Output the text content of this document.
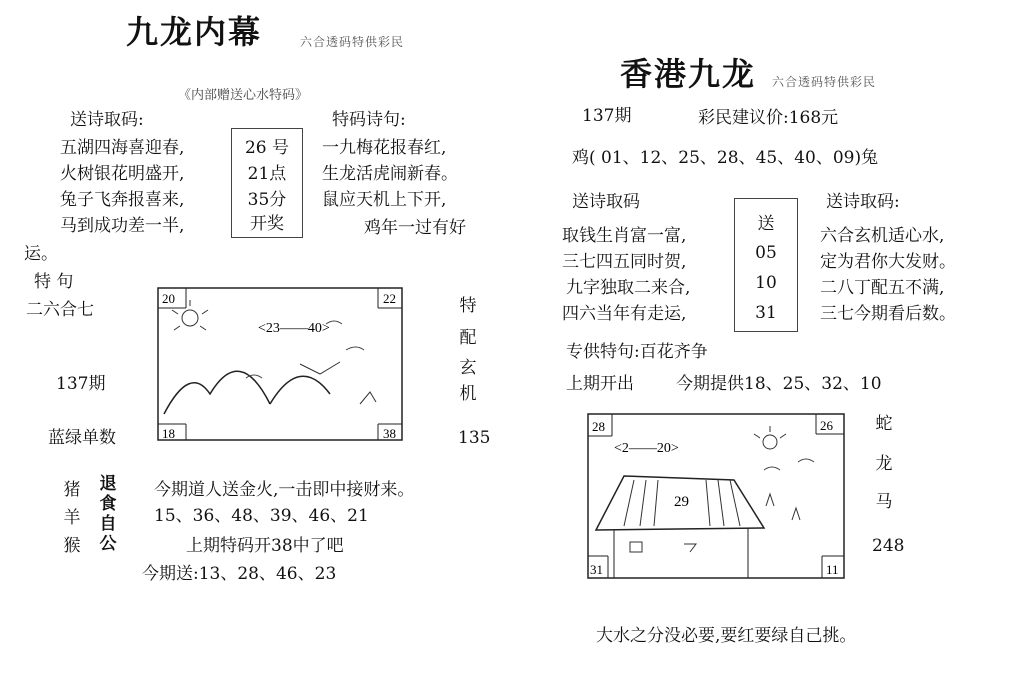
九龙内幕	六合透码特供彩民
《内部赠送心水特码》
送诗取码:
五湖四海喜迎春,
火树银花明盛开,
兔子飞奔报喜来,
马到成功差一半,
26 号
21点
35分
开奖
特码诗句:
一九梅花报春红,
生龙活虎闹新春。
鼠应天机上下开,
鸡年一过有好
运。
特 句
二六合七
137期
蓝绿单数
20	22
18	38
<23——40>
特
配
玄
机
135
猪
羊
猴
退
食
自
公
今期道人送金火,一击即中接财来。
15、36、48、39、46、21
上期特码开38中了吧
今期送:13、28、46、23
香港九龙 六合透码特供彩民
137期	彩民建议价:168元
鸡( 01、12、25、28、45、40、09)兔
送诗取码
取钱生肖富一富,
三七四五同时贺,
九字独取二来合,
四六当年有走运,
送
05
10
31
送诗取码:
六合玄机适心水,
定为君你大发财。
二八丁配五不满,
三七今期看后数。
专供特句:百花齐争
上期开出 今期提供18、25、32、10
28	26
31	11
<2——20>
29
蛇
龙
马
248
大水之分没必要,要红要绿自己挑。
